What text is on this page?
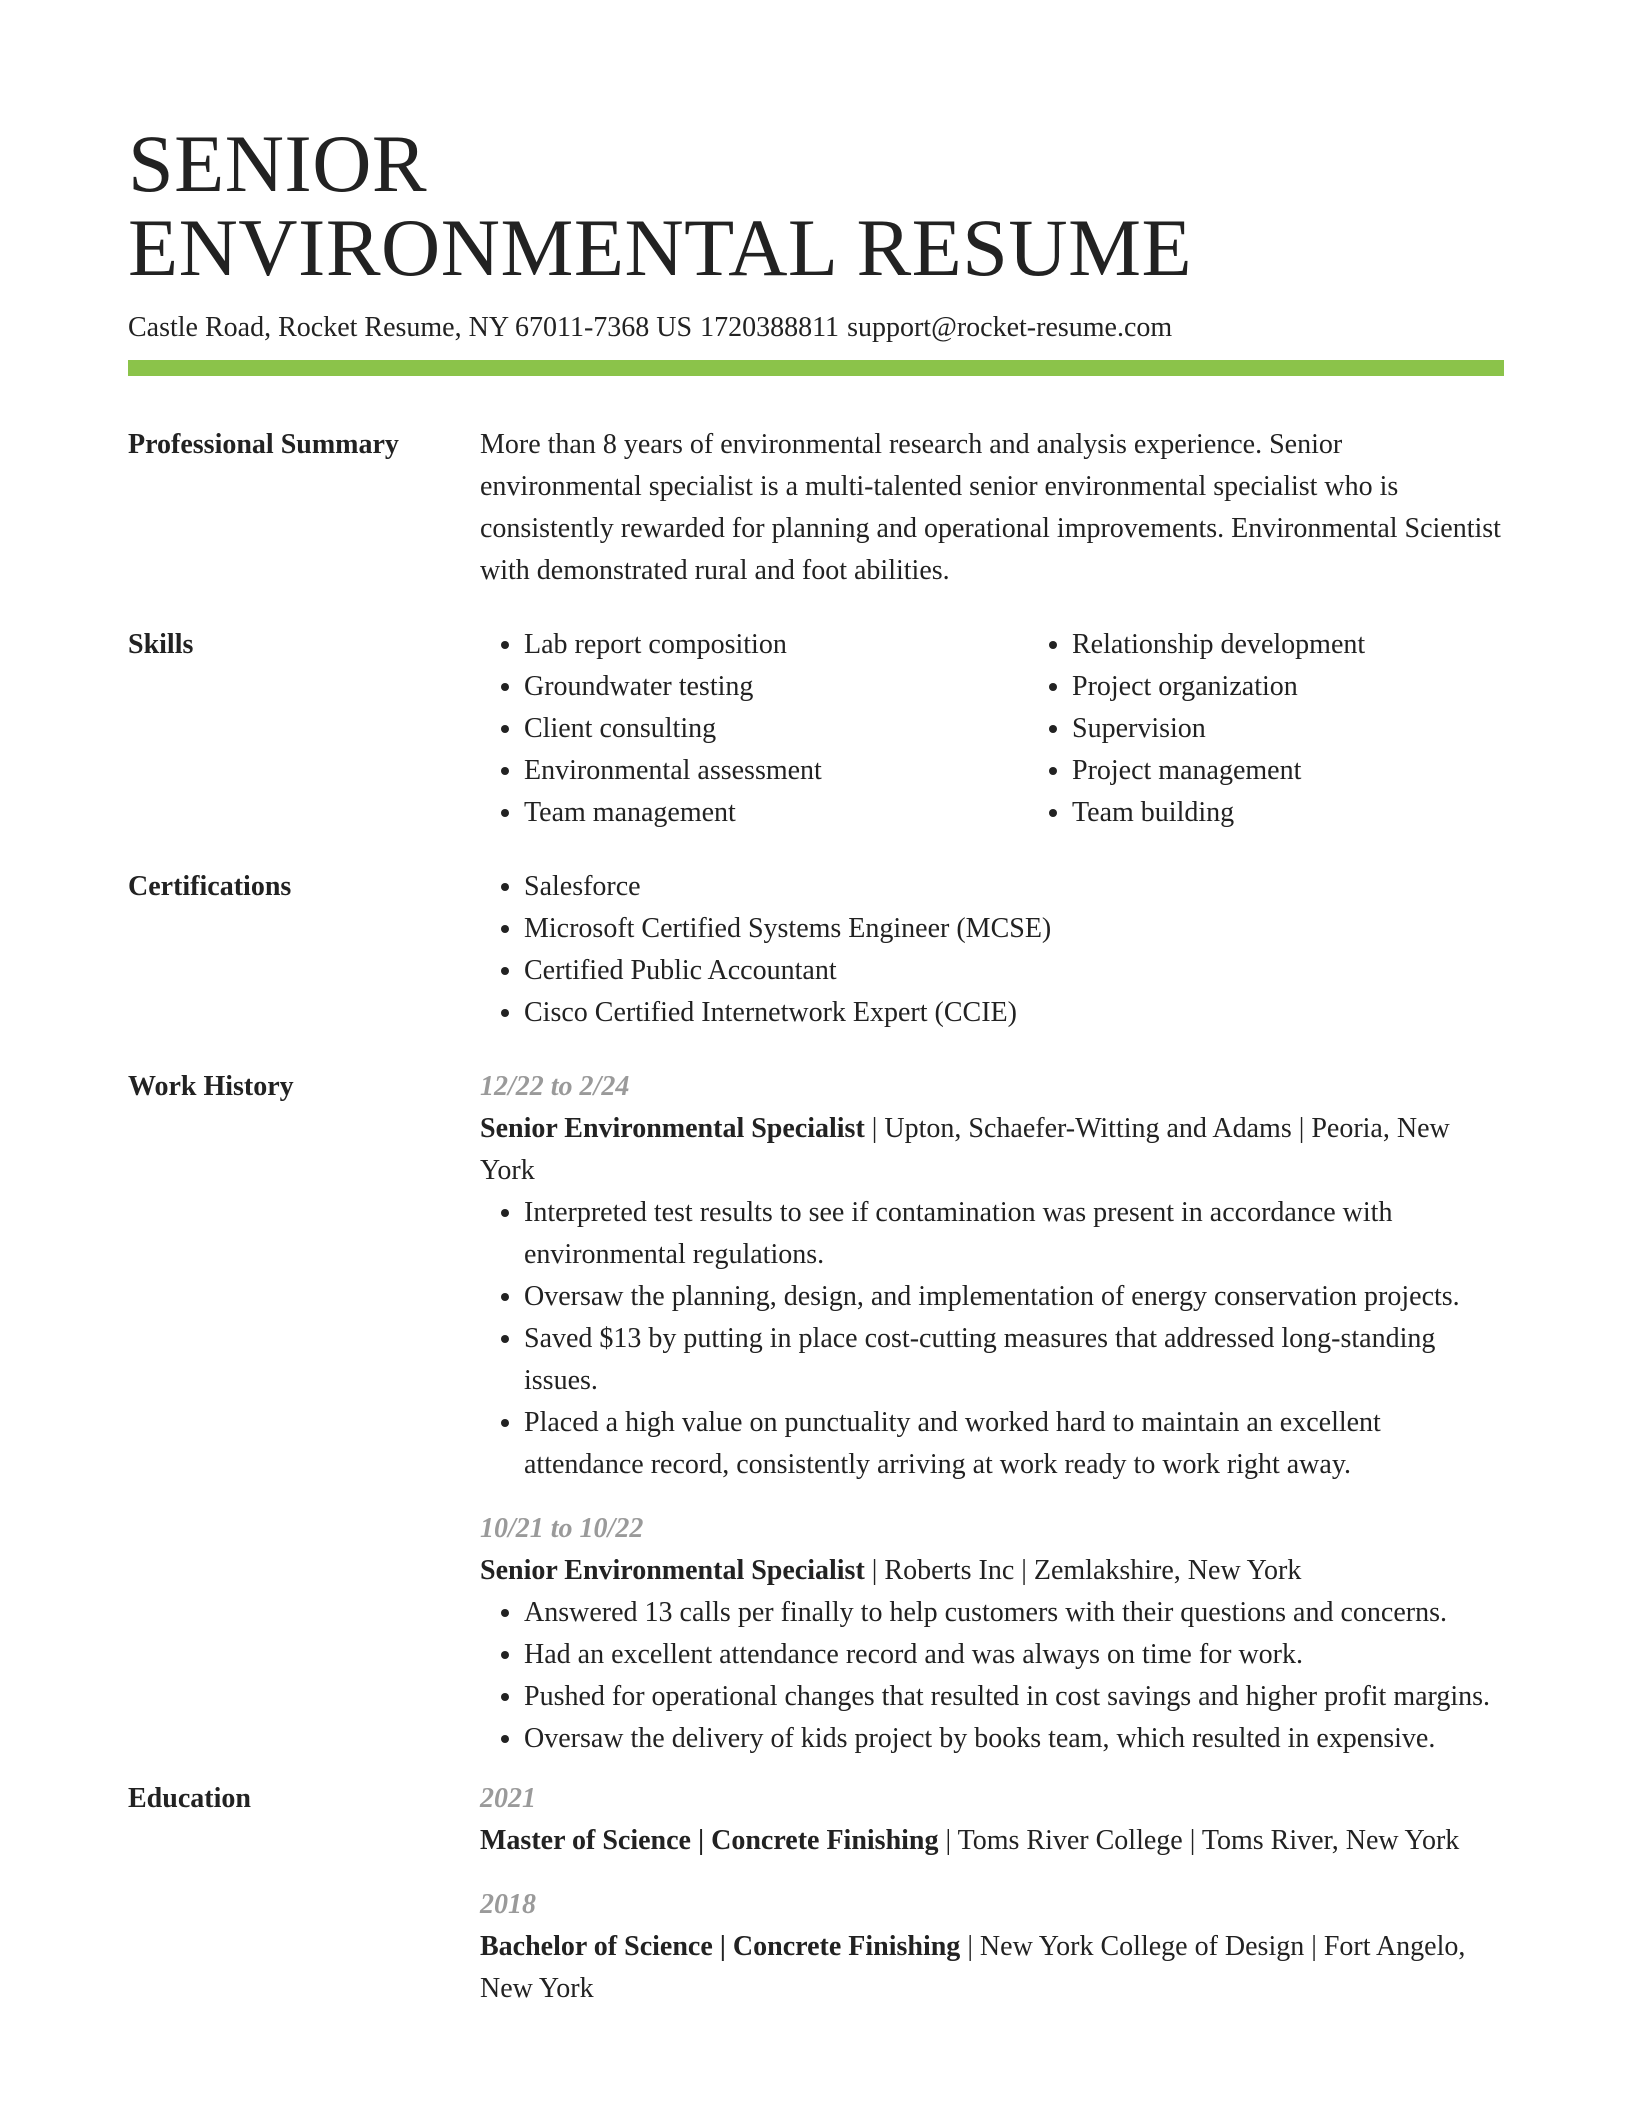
SENIOR
ENVIRONMENTAL RESUME
Castle Road, Rocket Resume, NY 67011-7368 US 1720388811 support@rocket-resume.com
Professional Summary	More than 8 years of environmental research and analysis experience. Senior environmental specialist is a multi-talented senior environmental specialist who is consistently rewarded for planning and operational improvements. Environmental Scientist with demonstrated rural and foot abilities.

Skills	• Lab report composition
• Groundwater testing
• Client consulting
• Environmental assessment
• Team management
• Relationship development
• Project organization
• Supervision
• Project management
• Team building
Certifications	• Salesforce
• Microsoft Certified Systems Engineer (MCSE)
• Certified Public Accountant
• Cisco Certified Internetwork Expert (CCIE)
Work History	12/22 to 2/24
Senior Environmental Specialist | Upton, Schaefer-Witting and Adams | Peoria, New York
• Interpreted test results to see if contamination was present in accordance with environmental regulations.
• Oversaw the planning, design, and implementation of energy conservation projects.
• Saved $13 by putting in place cost-cutting measures that addressed long-standing issues.
• Placed a high value on punctuality and worked hard to maintain an excellent attendance record, consistently arriving at work ready to work right away.
10/21 to 10/22
Senior Environmental Specialist | Roberts Inc | Zemlakshire, New York
• Answered 13 calls per finally to help customers with their questions and concerns.
• Had an excellent attendance record and was always on time for work.
• Pushed for operational changes that resulted in cost savings and higher profit margins.
• Oversaw the delivery of kids project by books team, which resulted in expensive.
Education	2021
Master of Science | Concrete Finishing | Toms River College | Toms River, New York
2018
Bachelor of Science | Concrete Finishing | New York College of Design | Fort Angelo, New York
